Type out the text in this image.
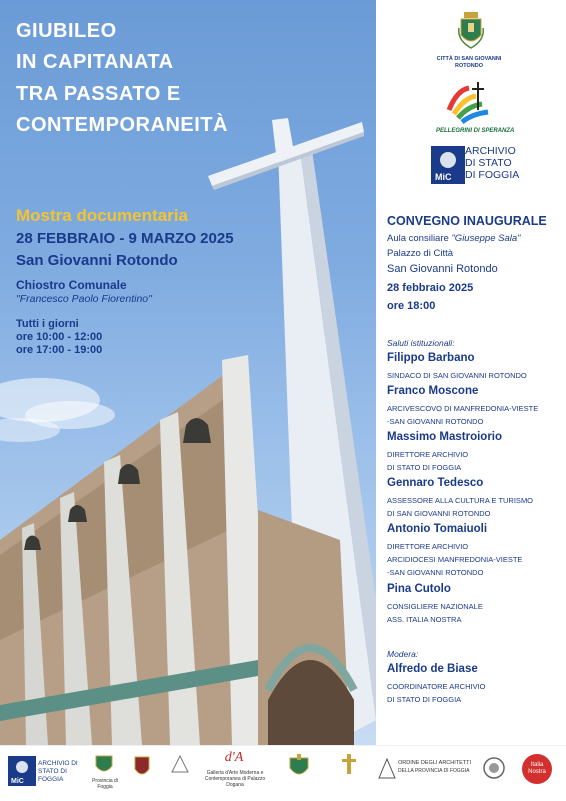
GIUBILEO
IN CAPITANATA
TRA PASSATO E
CONTEMPORANEITÀ
Mostra documentaria
28 FEBBRAIO - 9 MARZO 2025
San Giovanni Rotondo
Chiostro Comunale
"Francesco Paolo Fiorentino"
Tutti i giorni
ore 10:00 - 12:00
ore 17:00 - 19:00
CITTÀ DI SAN GIOVANNI ROTONDO
PELLEGRINI DI SPERANZA
MiC
ARCHIVIO
DI STATO
DI FOGGIA
CONVEGNO INAUGURALE
Aula consiliare "Giuseppe Sala"
Palazzo di Città
San Giovanni Rotondo
28 febbraio 2025
ore 18:00
Saluti istituzionali:
Filippo Barbano
SINDACO DI SAN GIOVANNI ROTONDO
Franco Moscone
ARCIVESCOVO DI MANFREDONIA-VIESTE
-SAN GIOVANNI ROTONDO
Massimo Mastroiorio
DIRETTORE ARCHIVIO
DI STATO DI FOGGIA
Gennaro Tedesco
ASSESSORE ALLA CULTURA E TURISMO
DI SAN GIOVANNI ROTONDO
Antonio Tomaiuoli
DIRETTORE ARCHIVIO
ARCIDIOCESI MANFREDONIA-VIESTE
-SAN GIOVANNI ROTONDO
Pina Cutolo
CONSIGLIERE NAZIONALE
ASS. ITALIA NOSTRA
Modera:
Alfredo de Biase
COORDINATORE ARCHIVIO
DI STATO DI FOGGIA
MiC
ARCHIVIO DI STATO DI FOGGIA	Provincia di Foggia
d'A
Galleria d'Arte Moderna e Contemporanea di Palazzo Dogana
ORDINE DEGLI ARCHITETTI
DELLA PROVINCIA DI FOGGIA
Italia Nostra
